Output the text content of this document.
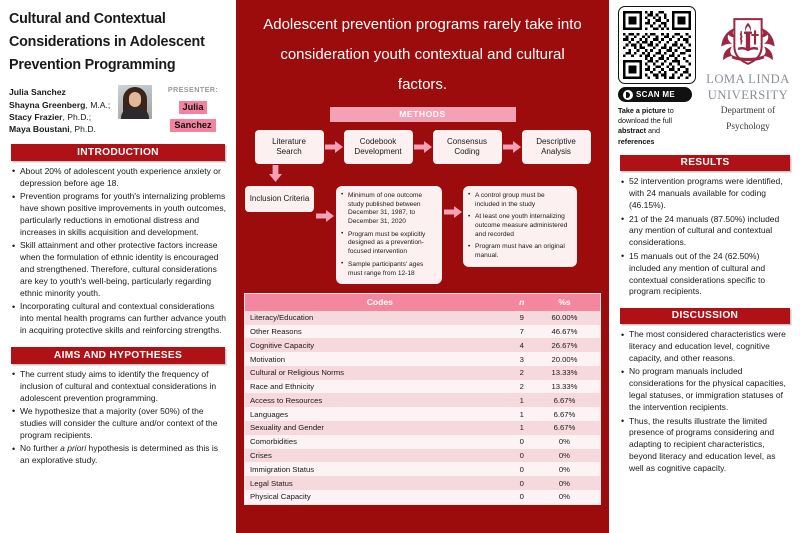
Cultural and Contextual Considerations in Adolescent Prevention Programming
Julia Sanchez
Shayna Greenberg, M.A.;
Stacy Frazier, Ph.D.;
Maya Boustani, Ph.D.
PRESENTER:
Julia
Sanchez
INTRODUCTION
• About 20% of adolescent youth experience anxiety or depression before age 18.
• Prevention programs for youth's internalizing problems have shown positive improvements in youth outcomes, particularly reductions in emotional distress and increases in skills acquisition and development.
• Skill attainment and other protective factors increase when the formulation of ethnic identity is encouraged and strengthened. Therefore, cultural considerations are key to youth's well-being, particularly regarding ethnic minority youth.
• Incorporating cultural and contextual considerations into mental health programs can further advance youth in acquiring protective skills and reinforcing strengths.
AIMS AND HYPOTHESES
• The current study aims to identify the frequency of inclusion of cultural and contextual considerations in adolescent prevention programming.
• We hypothesize that a majority (over 50%) of the studies will consider the culture and/or context of the program recipients.
• No further a priori hypothesis is determined as this is an explorative study.
Adolescent prevention programs rarely take into consideration youth contextual and cultural factors.
METHODS
Literature Search
Codebook Development
Consensus Coding
Descriptive Analysis
Inclusion Criteria	• Minimum of one outcome study published between December 31, 1987, to December 31, 2020
• Program must be explicitly designed as a prevention-focused intervention
• Sample participants' ages must range from 12-18
• A control group must be included in the study
• At least one youth internalizing outcome measure administered and recorded
• Program must have an original manual.
Codes	n	%s
Literacy/Education	9	60.00%
Other Reasons	7	46.67%
Cognitive Capacity	4	26.67%
Motivation	3	20.00%
Cultural or Religious Norms	2	13.33%
Race and Ethnicity	2	13.33%
Access to Resources	1	6.67%
Languages	1	6.67%
Sexuality and Gender	1	6.67%
Comorbidities	0	0%
Crises	0	0%
Immigration Status	0	0%
Legal Status	0	0%
Physical Capacity	0	0%
SCAN ME
Take a picture to download the full abstract and references
LOMA LINDA
UNIVERSITY
Department of
Psychology
RESULTS
• 52 intervention programs were identified, with 24 manuals available for coding (46.15%).
• 21 of the 24 manuals (87.50%) included any mention of cultural and contextual considerations.
• 15 manuals out of the 24 (62.50%) included any mention of cultural and contextual considerations specific to program recipients.
DISCUSSION
• The most considered characteristics were literacy and education level, cognitive capacity, and other reasons.
• No program manuals included considerations for the physical capacities, legal statuses, or immigration statuses of the intervention recipients.
• Thus, the results illustrate the limited presence of programs considering and adapting to recipient characteristics, beyond literacy and education level, as well as cognitive capacity.
